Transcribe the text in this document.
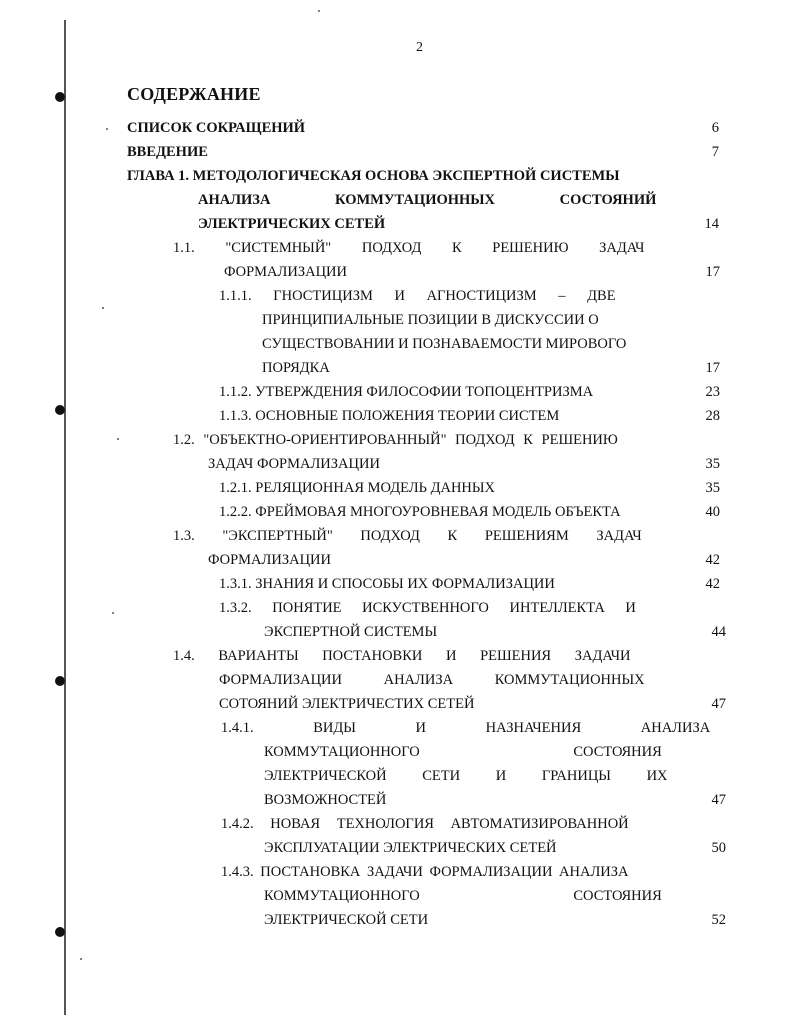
2
СОДЕРЖАНИЕ
СПИСОК СОКРАЩЕНИЙ	6
ВВЕДЕНИЕ	7
ГЛАВА 1. МЕТОДОЛОГИЧЕСКАЯ ОСНОВА ЭКСПЕРТНОЙ СИСТЕМЫ
АНАЛИЗА КОММУТАЦИОННЫХ СОСТОЯНИЙ
ЭЛЕКТРИЧЕСКИХ СЕТЕЙ	14
1.1. "СИСТЕМНЫЙ" ПОДХОД К РЕШЕНИЮ ЗАДАЧ
ФОРМАЛИЗАЦИИ	17
1.1.1. ГНОСТИЦИЗМ И АГНОСТИЦИЗМ – ДВЕ
ПРИНЦИПИАЛЬНЫЕ ПОЗИЦИИ В ДИСКУССИИ О
СУЩЕСТВОВАНИИ И ПОЗНАВАЕМОСТИ МИРОВОГО
ПОРЯДКА	17
1.1.2. УТВЕРЖДЕНИЯ ФИЛОСОФИИ ТОПОЦЕНТРИЗМА	23
1.1.3. ОСНОВНЫЕ ПОЛОЖЕНИЯ ТЕОРИИ СИСТЕМ	28
1.2. "ОБЪЕКТНО-ОРИЕНТИРОВАННЫЙ" ПОДХОД К РЕШЕНИЮ
ЗАДАЧ ФОРМАЛИЗАЦИИ	35
1.2.1. РЕЛЯЦИОННАЯ МОДЕЛЬ ДАННЫХ	35
1.2.2. ФРЕЙМОВАЯ МНОГОУРОВНЕВАЯ МОДЕЛЬ ОБЪЕКТА	40
1.3. "ЭКСПЕРТНЫЙ" ПОДХОД К РЕШЕНИЯМ ЗАДАЧ
ФОРМАЛИЗАЦИИ	42
1.3.1. ЗНАНИЯ И СПОСОБЫ ИХ ФОРМАЛИЗАЦИИ	42
1.3.2. ПОНЯТИЕ ИСКУСТВЕННОГО ИНТЕЛЛЕКТА И
ЭКСПЕРТНОЙ СИСТЕМЫ	44
1.4. ВАРИАНТЫ ПОСТАНОВКИ И РЕШЕНИЯ ЗАДАЧИ
ФОРМАЛИЗАЦИИ АНАЛИЗА КОММУТАЦИОННЫХ
СОТОЯНИЙ ЭЛЕКТРИЧЕСТИХ СЕТЕЙ	47
1.4.1. ВИДЫ И НАЗНАЧЕНИЯ АНАЛИЗА
КОММУТАЦИОННОГО СОСТОЯНИЯ
ЭЛЕКТРИЧЕСКОЙ СЕТИ И ГРАНИЦЫ ИХ
ВОЗМОЖНОСТЕЙ	47
1.4.2. НОВАЯ ТЕХНОЛОГИЯ АВТОМАТИЗИРОВАННОЙ
ЭКСПЛУАТАЦИИ ЭЛЕКТРИЧЕСКИХ СЕТЕЙ	50
1.4.3. ПОСТАНОВКА ЗАДАЧИ ФОРМАЛИЗАЦИИ АНАЛИЗА
КОММУТАЦИОННОГО СОСТОЯНИЯ
ЭЛЕКТРИЧЕСКОЙ СЕТИ	52
